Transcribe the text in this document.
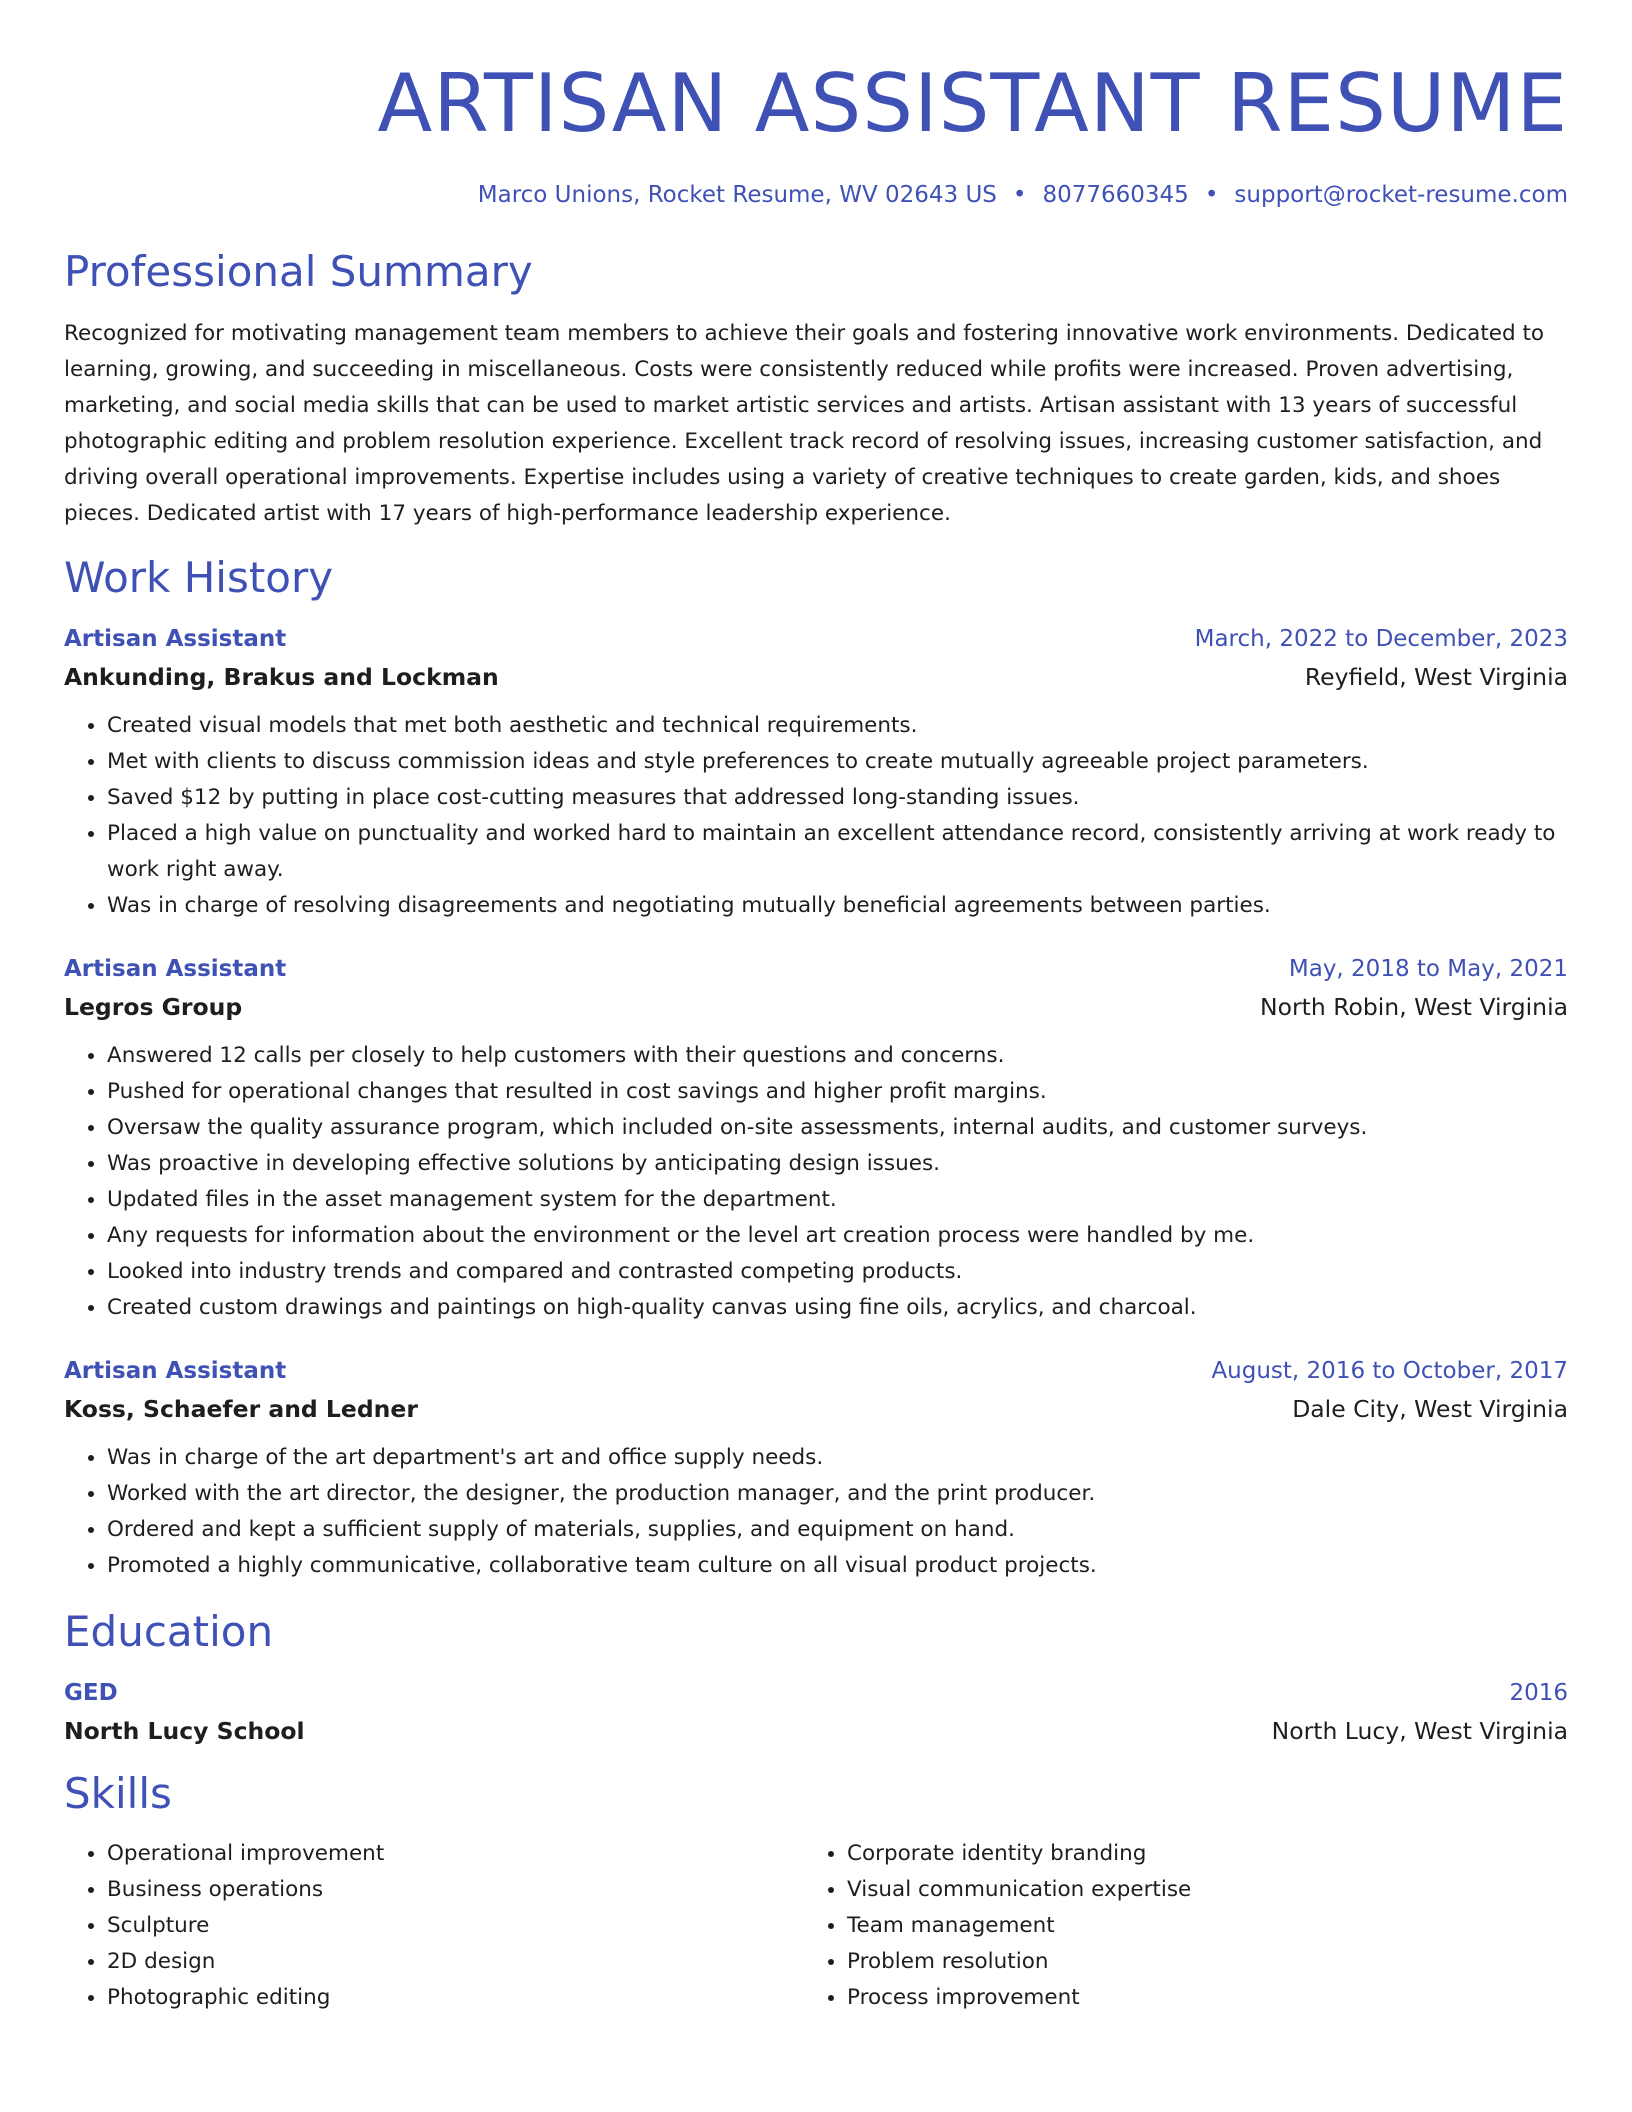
ARTISAN ASSISTANT RESUME
Marco Unions, Rocket Resume, WV 02643 US • 8077660345 • support@rocket-resume.com
Professional Summary
Recognized for motivating management team members to achieve their goals and fostering innovative work environments. Dedicated to learning, growing, and succeeding in miscellaneous. Costs were consistently reduced while profits were increased. Proven advertising, marketing, and social media skills that can be used to market artistic services and artists. Artisan assistant with 13 years of successful photographic editing and problem resolution experience. Excellent track record of resolving issues, increasing customer satisfaction, and driving overall operational improvements. Expertise includes using a variety of creative techniques to create garden, kids, and shoes pieces. Dedicated artist with 17 years of high-performance leadership experience.
Work History
Artisan Assistant	March, 2022 to December, 2023
Ankunding, Brakus and Lockman	Reyfield, West Virginia
• Created visual models that met both aesthetic and technical requirements.
• Met with clients to discuss commission ideas and style preferences to create mutually agreeable project parameters.
• Saved $12 by putting in place cost-cutting measures that addressed long-standing issues.
• Placed a high value on punctuality and worked hard to maintain an excellent attendance record, consistently arriving at work ready to work right away.
• Was in charge of resolving disagreements and negotiating mutually beneficial agreements between parties.
Artisan Assistant	May, 2018 to May, 2021
Legros Group	North Robin, West Virginia
• Answered 12 calls per closely to help customers with their questions and concerns.
• Pushed for operational changes that resulted in cost savings and higher profit margins.
• Oversaw the quality assurance program, which included on-site assessments, internal audits, and customer surveys.
• Was proactive in developing effective solutions by anticipating design issues.
• Updated files in the asset management system for the department.
• Any requests for information about the environment or the level art creation process were handled by me.
• Looked into industry trends and compared and contrasted competing products.
• Created custom drawings and paintings on high-quality canvas using fine oils, acrylics, and charcoal.
Artisan Assistant	August, 2016 to October, 2017
Koss, Schaefer and Ledner	Dale City, West Virginia
• Was in charge of the art department's art and office supply needs.
• Worked with the art director, the designer, the production manager, and the print producer.
• Ordered and kept a sufficient supply of materials, supplies, and equipment on hand.
• Promoted a highly communicative, collaborative team culture on all visual product projects.
Education
GED	2016
North Lucy School	North Lucy, West Virginia
Skills
• Operational improvement
• Business operations
• Sculpture
• 2D design
• Photographic editing
• Corporate identity branding
• Visual communication expertise
• Team management
• Problem resolution
• Process improvement
